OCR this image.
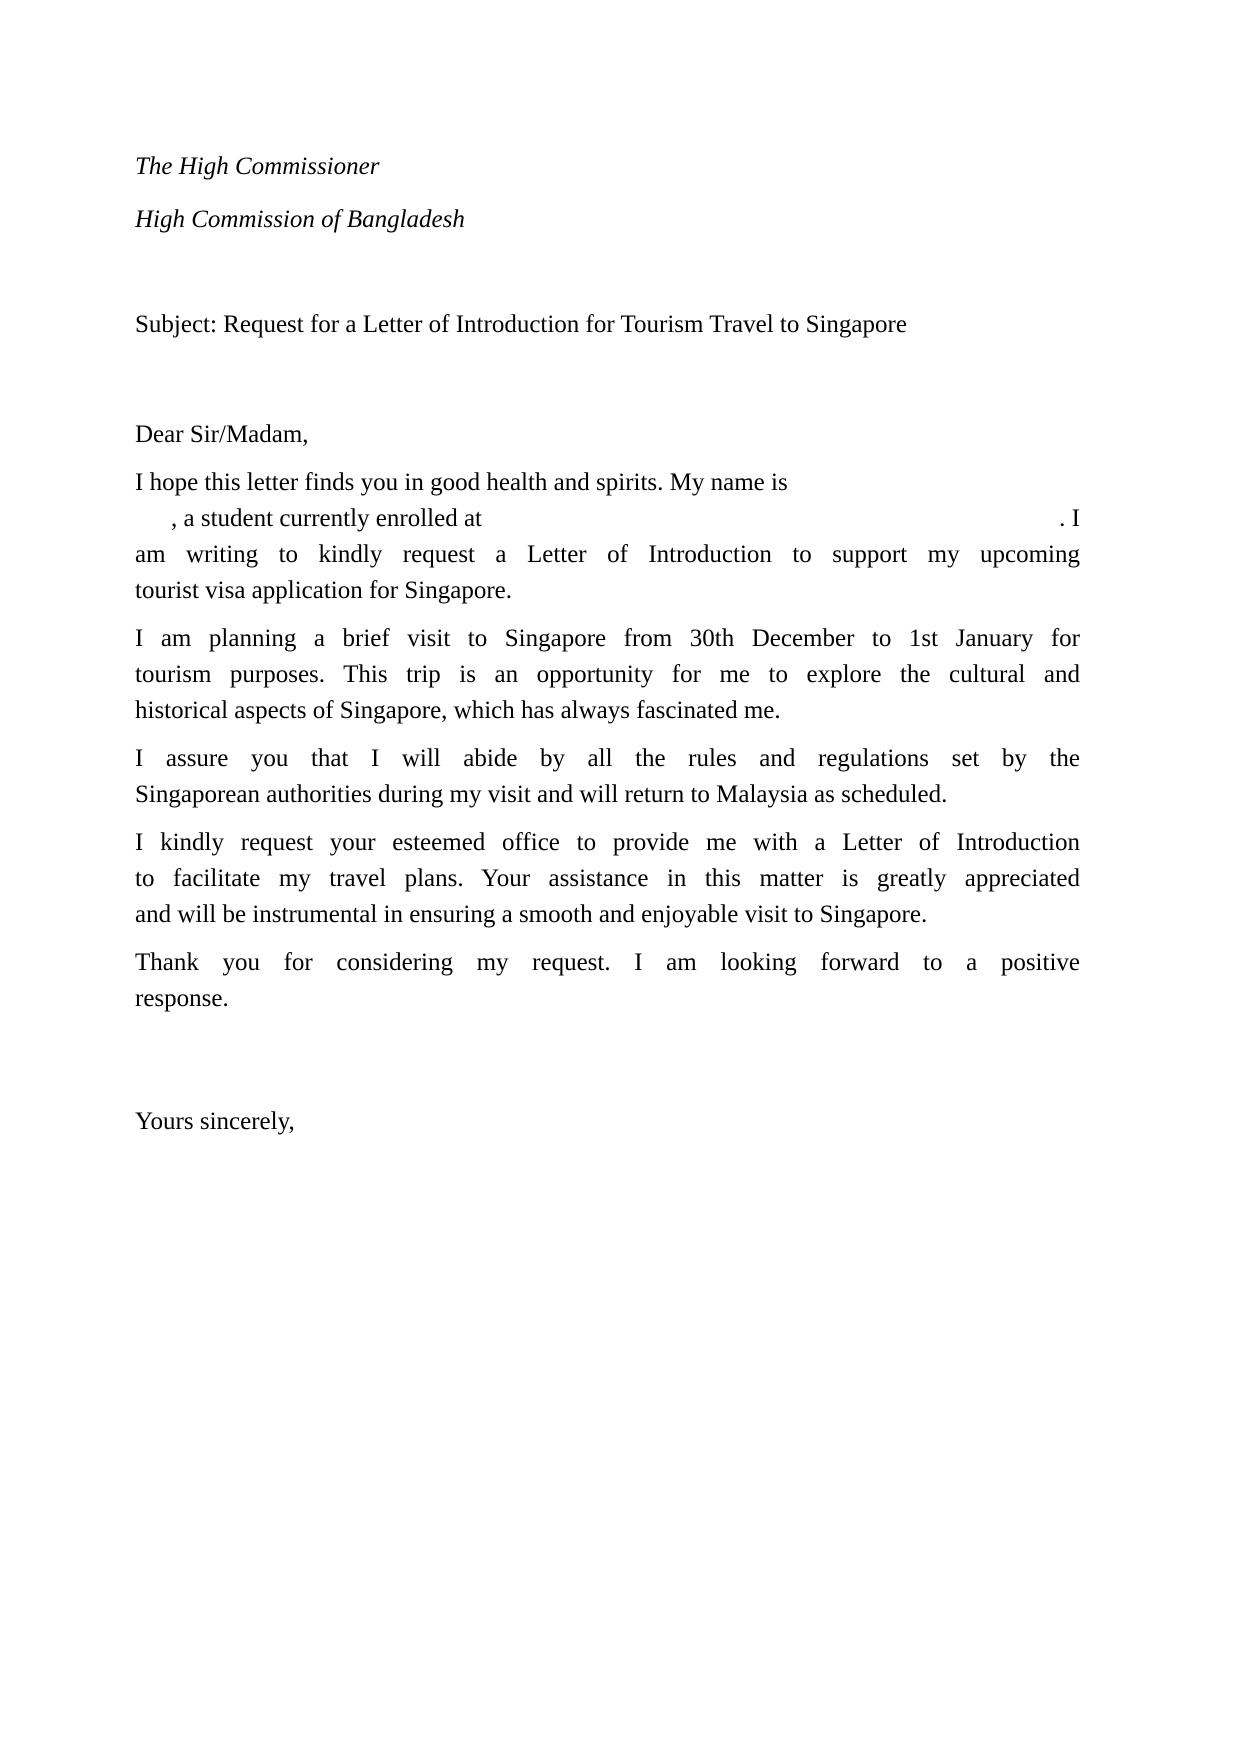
The High Commissioner
High Commission of Bangladesh
Subject: Request for a Letter of Introduction for Tourism Travel to Singapore
Dear Sir/Madam,
I hope this letter finds you in good health and spirits. My name is
, a student currently enrolled at	. I
am writing to kindly request a Letter of Introduction to support my upcoming
tourist visa application for Singapore.
I am planning a brief visit to Singapore from 30th December to 1st January for
tourism purposes. This trip is an opportunity for me to explore the cultural and
historical aspects of Singapore, which has always fascinated me.
I assure you that I will abide by all the rules and regulations set by the
Singaporean authorities during my visit and will return to Malaysia as scheduled.
I kindly request your esteemed office to provide me with a Letter of Introduction
to facilitate my travel plans. Your assistance in this matter is greatly appreciated
and will be instrumental in ensuring a smooth and enjoyable visit to Singapore.
Thank you for considering my request. I am looking forward to a positive
response.
Yours sincerely,
